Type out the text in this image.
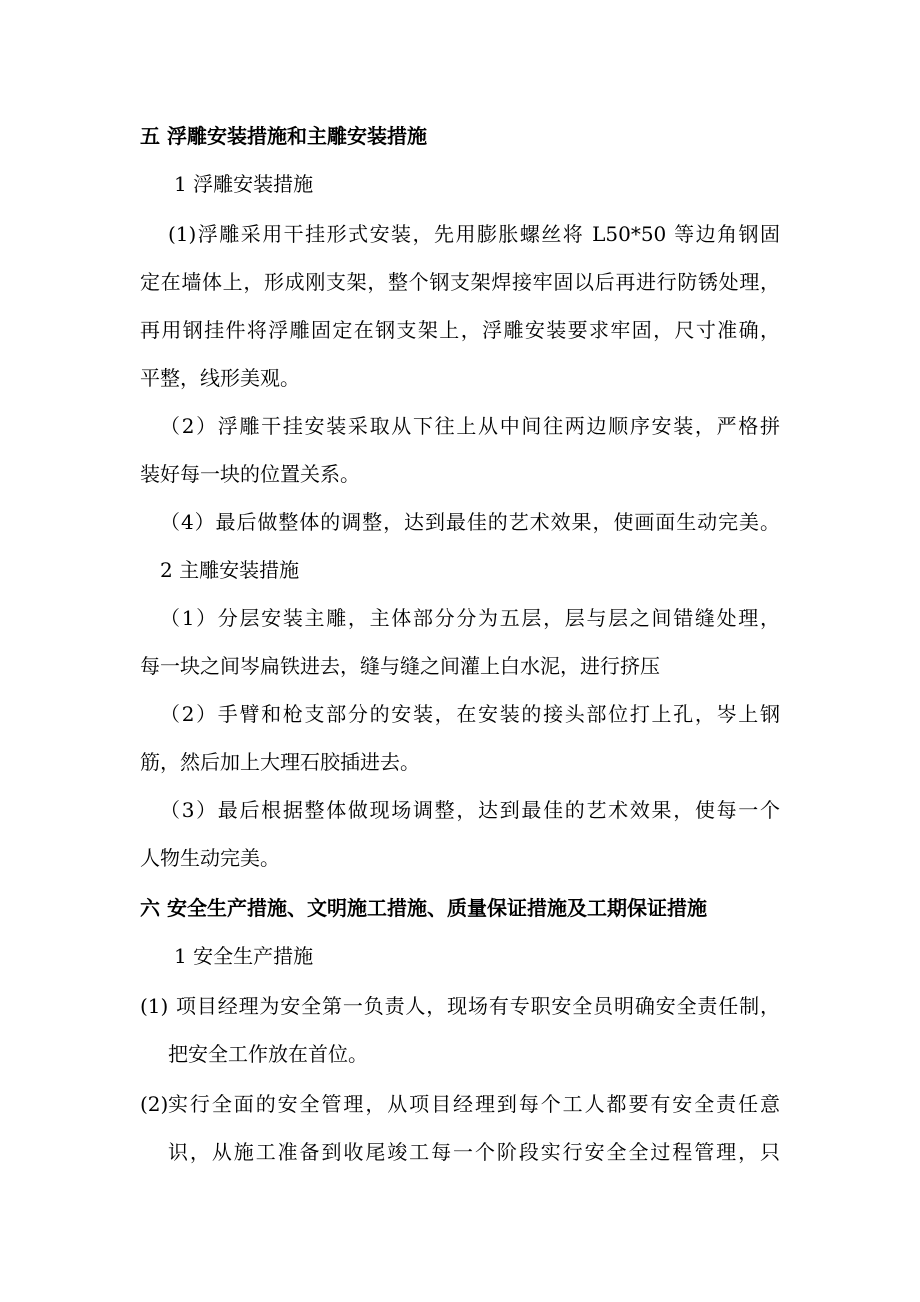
五 浮雕安装措施和主雕安装措施
1 浮雕安装措施
(1)浮雕采用干挂形式安装，先用膨胀螺丝将 L50*50 等边角钢固
定在墙体上，形成刚支架，整个钢支架焊接牢固以后再进行防锈处理，
再用钢挂件将浮雕固定在钢支架上，浮雕安装要求牢固，尺寸准确，
平整，线形美观。
（2）浮雕干挂安装采取从下往上从中间往两边顺序安装，严格拼
装好每一块的位置关系。
（4）最后做整体的调整，达到最佳的艺术效果，使画面生动完美。
2 主雕安装措施
（1）分层安装主雕，主体部分分为五层，层与层之间错缝处理，
每一块之间岑扁铁进去，缝与缝之间灌上白水泥，进行挤压
（2）手臂和枪支部分的安装，在安装的接头部位打上孔，岑上钢
筋，然后加上大理石胶插进去。
（3）最后根据整体做现场调整，达到最佳的艺术效果，使每一个
人物生动完美。
六 安全生产措施、文明施工措施、质量保证措施及工期保证措施
1 安全生产措施
(1) 项目经理为安全第一负责人，现场有专职安全员明确安全责任制，
把安全工作放在首位。
(2) 实行全面的安全管理，从项目经理到每个工人都要有安全责任意
识，从施工准备到收尾竣工每一个阶段实行安全全过程管理，只
